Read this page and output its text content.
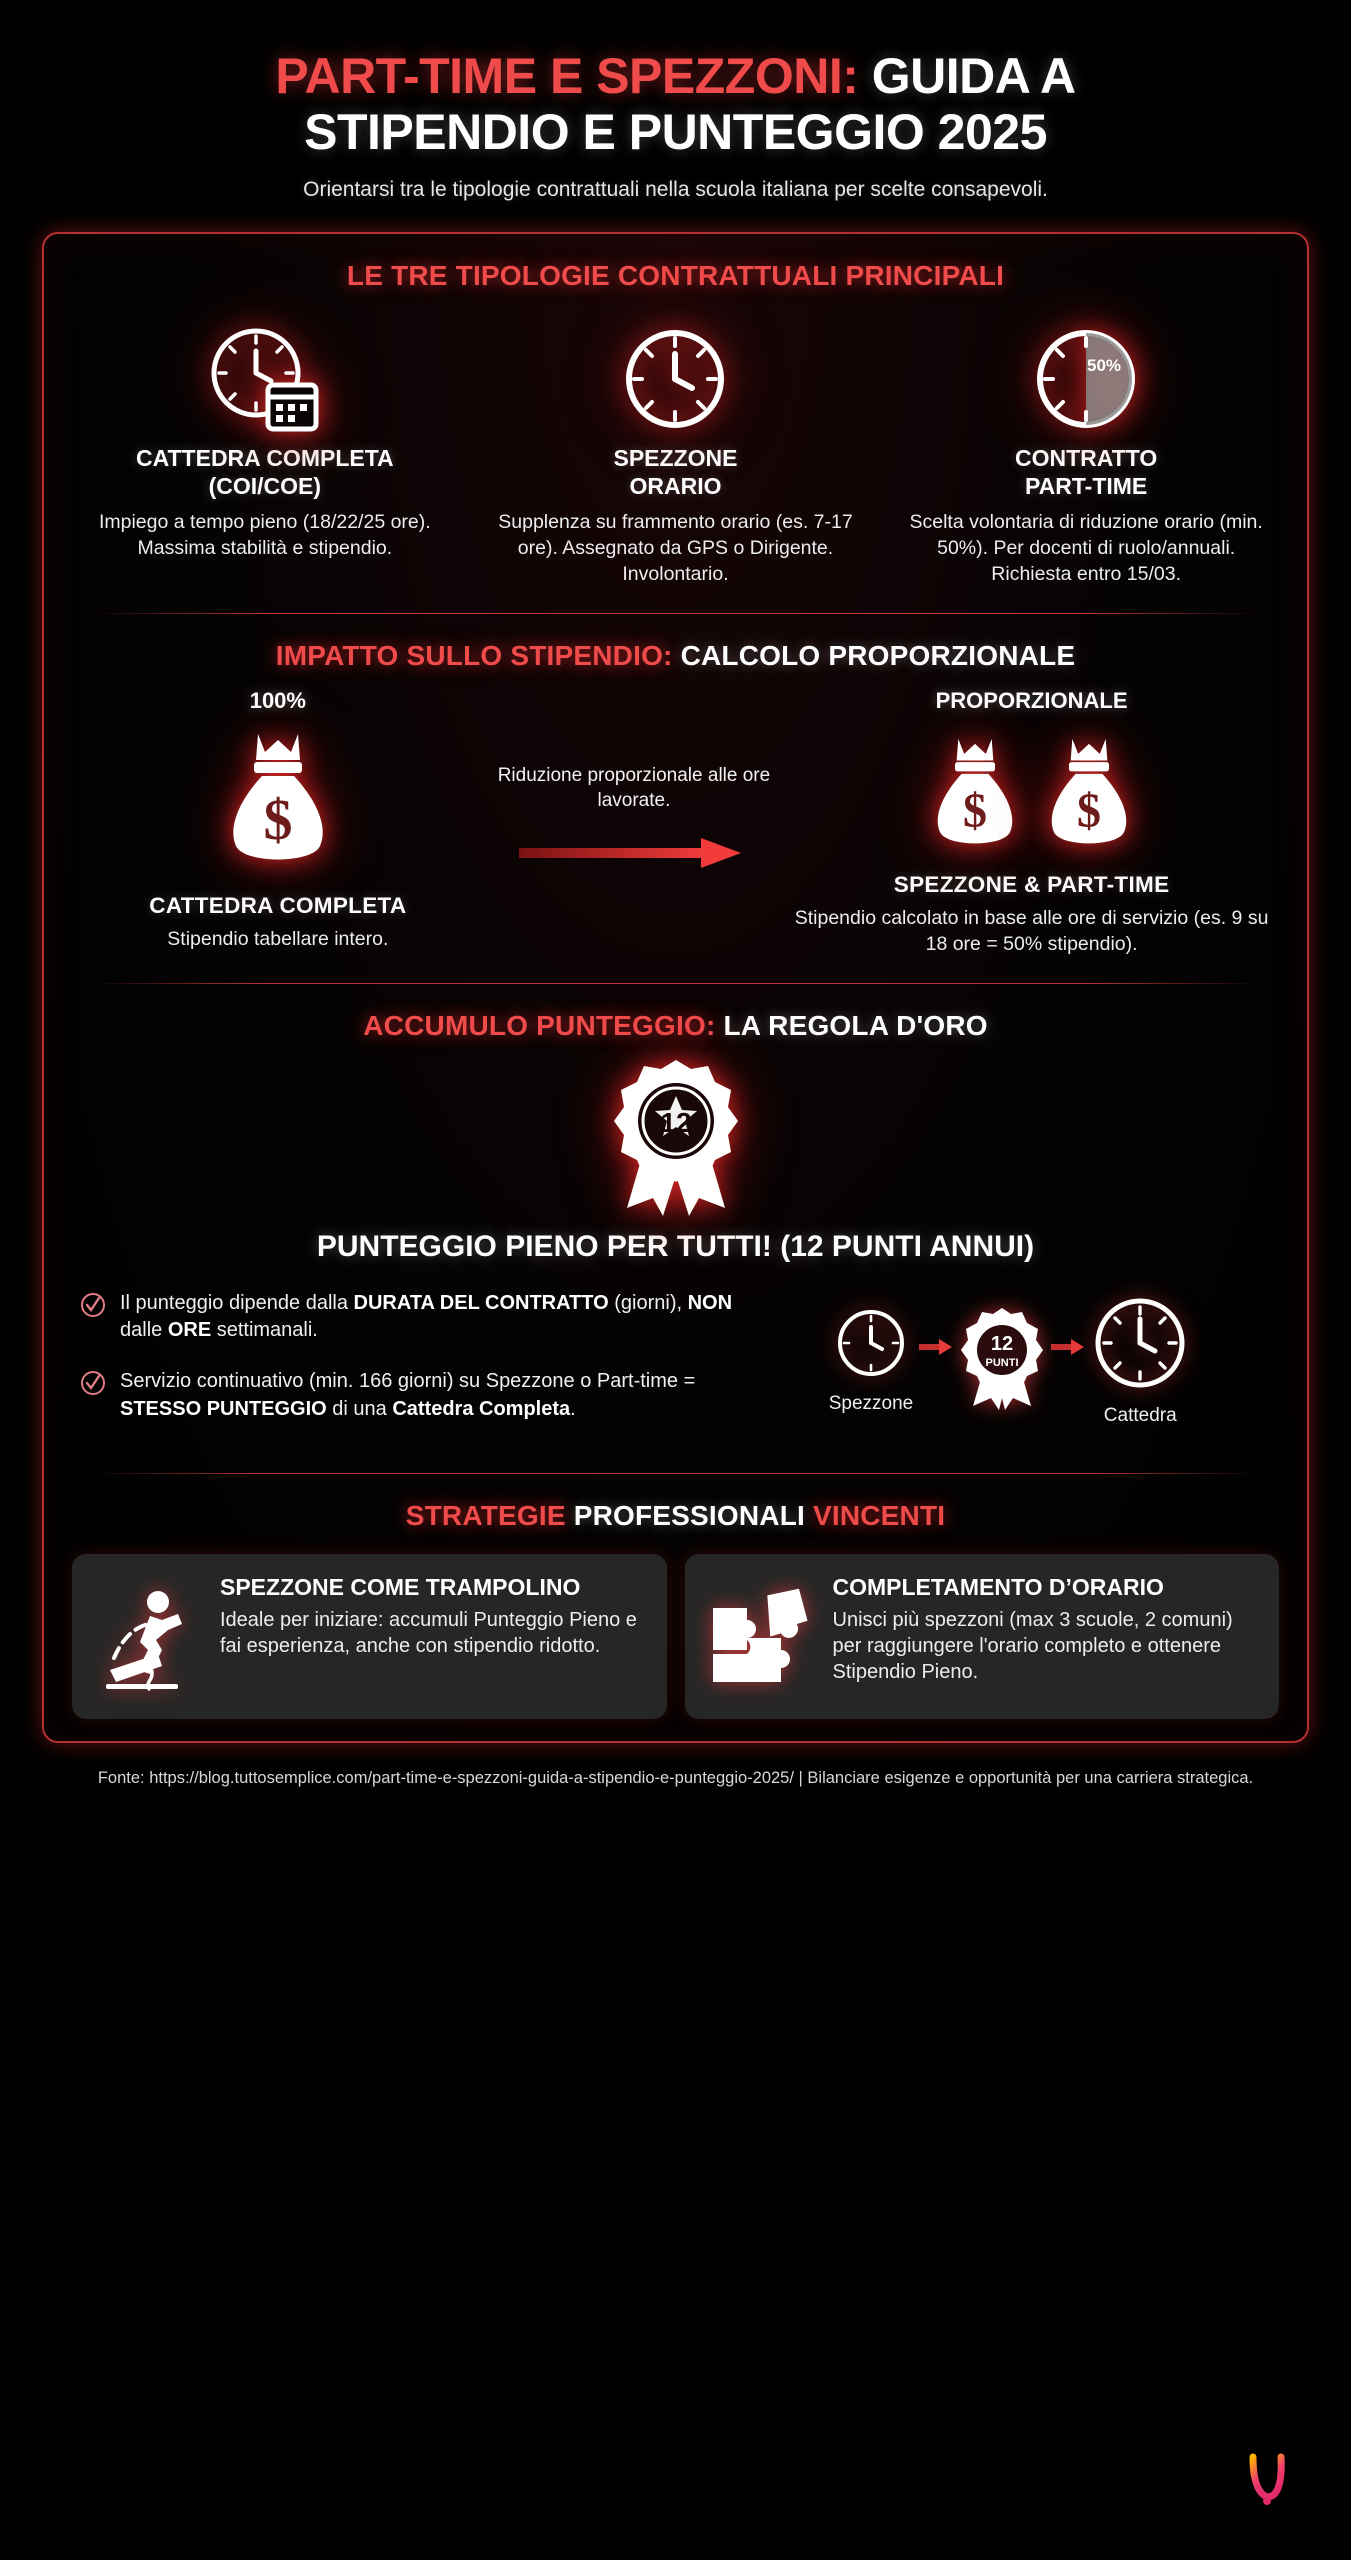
PART-TIME E SPEZZONI: GUIDA A
STIPENDIO E PUNTEGGIO 2025
Orientarsi tra le tipologie contrattuali nella scuola italiana per scelte consapevoli.
LE TRE TIPOLOGIE CONTRATTUALI PRINCIPALI
CATTEDRA COMPLETA
(COI/COE)

Impiego a tempo pieno (18/22/25 ore). Massima stabilità e stipendio.

SPEZZONE
ORARIO

Supplenza su frammento orario (es. 7-17 ore). Assegnato da GPS o Dirigente. Involontario.

50%
CONTRATTO
PART-TIME

Scelta volontaria di riduzione orario (min. 50%). Per docenti di ruolo/annuali. Richiesta entro 15/03.

IMPATTO SULLO STIPENDIO: CALCOLO PROPORZIONALE
100%
$
CATTEDRA COMPLETA
Stipendio tabellare intero.
Riduzione proporzionale alle ore lavorate.
PROPORZIONALE
$ $
SPEZZONE & PART-TIME
Stipendio calcolato in base alle ore di servizio (es. 9 su 18 ore = 50% stipendio).
ACCUMULO PUNTEGGIO: LA REGOLA D'ORO
12
PUNTEGGIO PIENO PER TUTTI! (12 PUNTI ANNUI)

Il punteggio dipende dalla DURATA DEL CONTRATTO (giorni), NON dalle ORE settimanali.

Servizio continuativo (min. 166 giorni) su Spezzone o Part-time = STESSO PUNTEGGIO di una Cattedra Completa.	Spezzone
12
PUNTI
Cattedra
STRATEGIE PROFESSIONALI VINCENTI
SPEZZONE COME TRAMPOLINO

Ideale per iniziare: accumuli Punteggio Pieno e fai esperienza, anche con stipendio ridotto.

COMPLETAMENTO D’ORARIO

Unisci più spezzoni (max 3 scuole, 2 comuni) per raggiungere l'orario completo e ottenere Stipendio Pieno.

Fonte: https://blog.tuttosemplice.com/part-time-e-spezzoni-guida-a-stipendio-e-punteggio-2025/ | Bilanciare esigenze e opportunità per una carriera strategica.
